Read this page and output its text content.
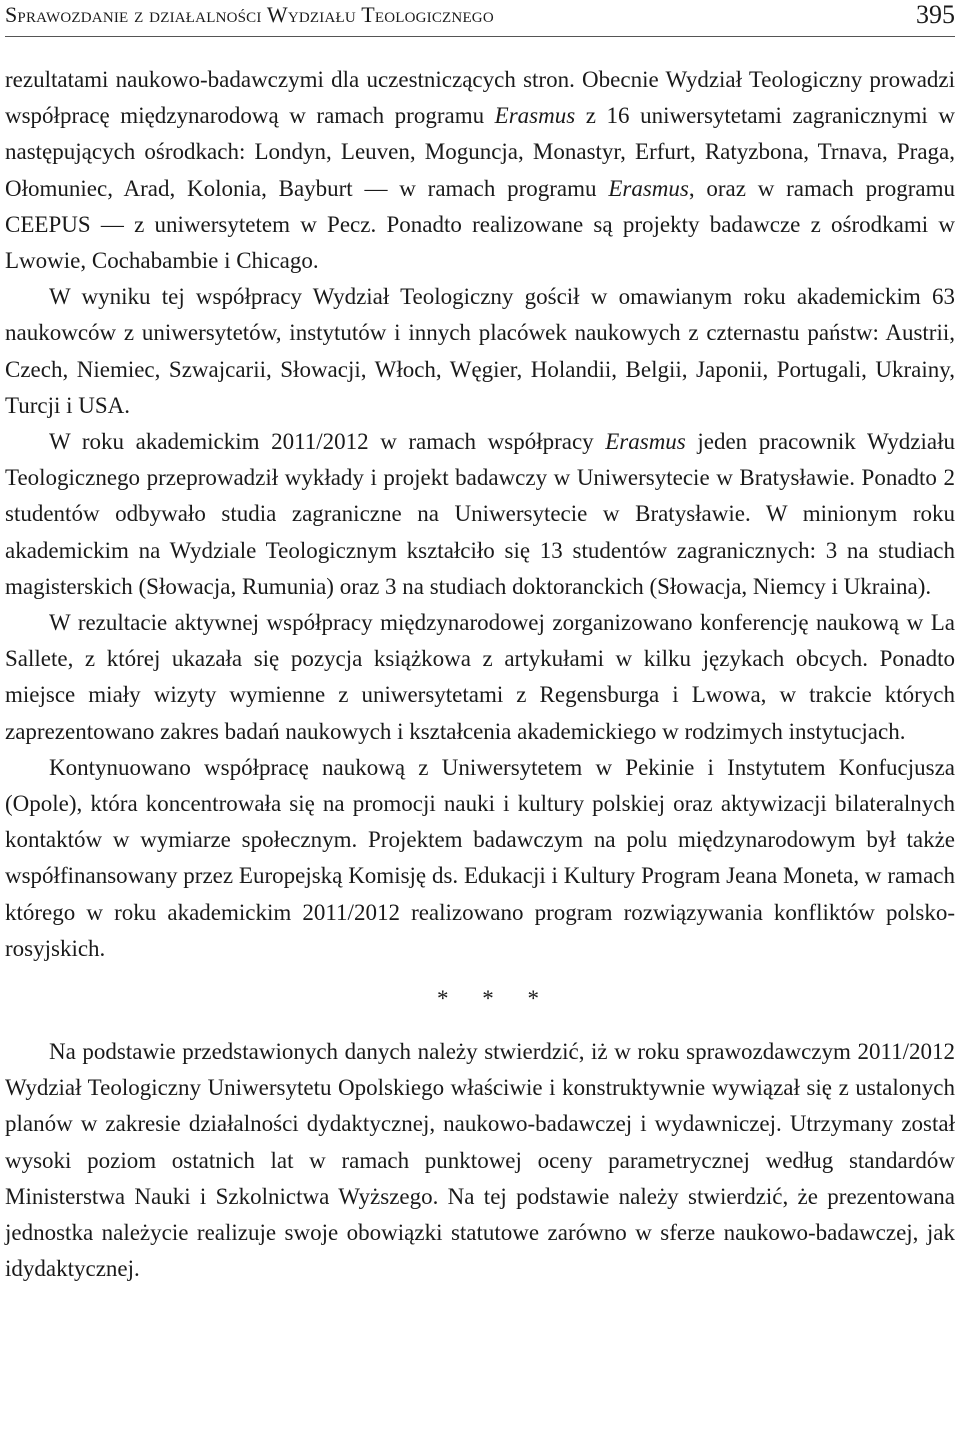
Sprawozdanie z działalności Wydziału Teologicznego	395

rezultatami naukowo-badawczymi dla uczestniczących stron. Obecnie Wydział Teologiczny prowadzi współpracę międzynarodową w ramach programu Erasmus z 16 uniwersytetami zagranicznymi w następujących ośrodkach: Londyn, Leuven, Moguncja, Monastyr, Erfurt, Ratyzbona, Trnava, Praga, Ołomuniec, Arad, Kolonia, Bayburt — w ramach programu Erasmus, oraz w ramach programu CEEPUS — z uniwersytetem w Pecz. Ponadto realizowane są projekty badawcze z ośrodkami w Lwowie, Cochabambie i Chicago.

W wyniku tej współpracy Wydział Teologiczny gościł w omawianym roku akademickim 63 naukowców z uniwersytetów, instytutów i innych placówek naukowych z czternastu państw: Austrii, Czech, Niemiec, Szwajcarii, Słowacji, Włoch, Węgier, Holandii, Belgii, Japonii, Portugali, Ukrainy, Turcji i USA.

W roku akademickim 2011/2012 w ramach współpracy Erasmus jeden pracownik Wydziału Teologicznego przeprowadził wykłady i projekt badawczy w Uniwersytecie w Bratysławie. Ponadto 2 studentów odbywało studia zagraniczne na Uniwersytecie w Bratysławie. W minionym roku akademickim na Wydziale Teologicznym kształciło się 13 studentów zagranicznych: 3 na studiach magisterskich (Słowacja, Rumunia) oraz 3 na studiach doktoranckich (Słowacja, Niemcy i Ukraina).

W rezultacie aktywnej współpracy międzynarodowej zorganizowano konferencję naukową w La Sallete, z której ukazała się pozycja książkowa z artykułami w kilku językach obcych. Ponadto miejsce miały wizyty wymienne z uniwersytetami z Regensburga i Lwowa, w trakcie których zaprezentowano zakres badań naukowych i kształcenia akademickiego w rodzimych instytucjach.

Kontynuowano współpracę naukową z Uniwersytetem w Pekinie i Instytutem Konfucjusza (Opole), która koncentrowała się na promocji nauki i kultury polskiej oraz aktywizacji bilateralnych kontaktów w wymiarze społecznym. Projektem badawczym na polu międzynarodowym był także współfinansowany przez Europejską Komisję ds. Edukacji i Kultury Program Jeana Moneta, w ramach którego w roku akademickim 2011/2012 realizowano program rozwiązywania konfliktów polsko-rosyjskich.

* * *

Na podstawie przedstawionych danych należy stwierdzić, iż w roku sprawozdawczym 2011/2012 Wydział Teologiczny Uniwersytetu Opolskiego właściwie i konstruktywnie wywiązał się z ustalonych planów w zakresie działalności dydaktycznej, naukowo-badawczej i wydawniczej. Utrzymany został wysoki poziom ostatnich lat w ramach punktowej oceny parametrycznej według standardów Ministerstwa Nauki i Szkolnictwa Wyższego. Na tej podstawie należy stwierdzić, że prezentowana jednostka należycie realizuje swoje obowiązki statutowe zarówno w sferze naukowo-badawczej, jak idydaktycznej.
